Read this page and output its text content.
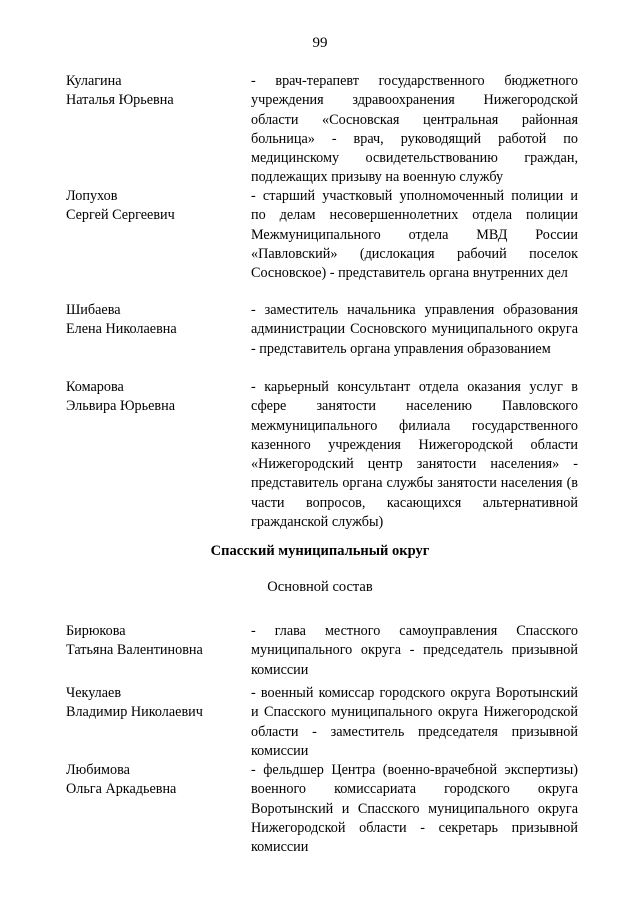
99
Кулагина
Наталья Юрьевна
- врач-терапевт государственного бюджетного учреждения здравоохранения Нижегородской области «Сосновская центральная районная больница» - врач, руководящий работой по медицинскому освидетельствованию граждан, подлежащих призыву на военную службу
Лопухов
Сергей Сергеевич
- старший участковый уполномоченный полиции и по делам несовершеннолетних отдела полиции Межмуниципального отдела МВД России «Павловский» (дислокация рабочий поселок Сосновское) - представитель органа внутренних дел
Шибаева
Елена Николаевна
- заместитель начальника управления образования администрации Сосновского муниципального округа - представитель органа управления образованием
Комарова
Эльвира Юрьевна
- карьерный консультант отдела оказания услуг в сфере занятости населению Павловского межмуниципального филиала государственного казенного учреждения Нижегородской области «Нижегородский центр занятости населения» - представитель органа службы занятости населения (в части вопросов, касающихся альтернативной гражданской службы)
Спасский муниципальный округ
Основной состав
Бирюкова
Татьяна Валентиновна
- глава местного самоуправления Спасского муниципального округа - председатель призывной комиссии
Чекулаев
Владимир Николаевич
- военный комиссар городского округа Воротынский и Спасского муниципального округа Нижегородской области - заместитель председателя призывной комиссии
Любимова
Ольга Аркадьевна
- фельдшер Центра (военно-врачебной экспертизы) военного комиссариата городского округа Воротынский и Спасского муниципального округа Нижегородской области - секретарь призывной комиссии
